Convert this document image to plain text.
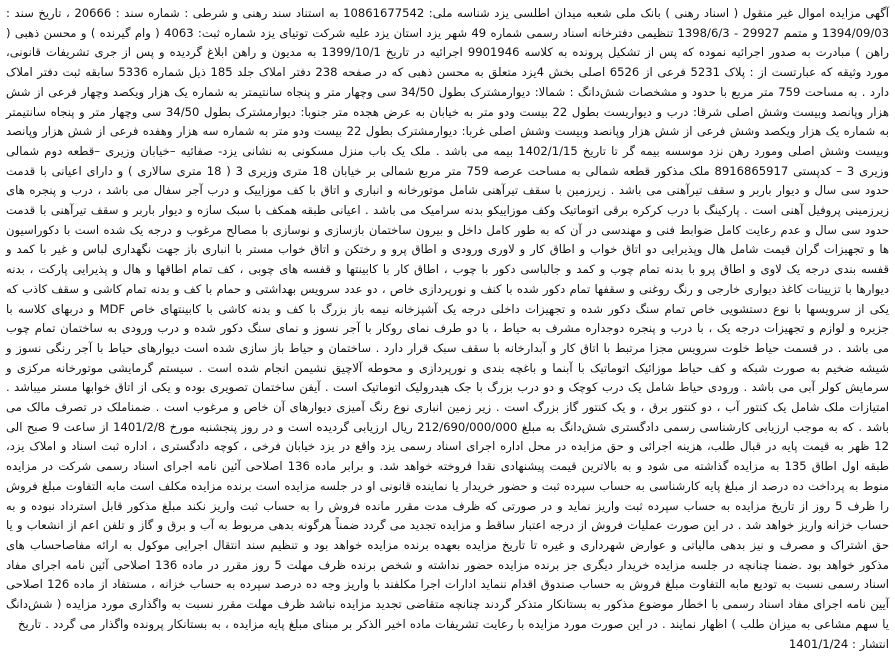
آگهی مزایده اموال غیر منقول ( اسناد رهنی ) بانک ملی شعبه میدان اطلسی یزد شناسه ملی: 10861677542 به استناد سند رهنی و شرطی : شماره سند : 20666 ، تاریخ سند : 1394/09/03 و متمم 29927 - 1398/6/3 تنظیمی دفترخانه اسناد رسمی شماره 49 شهر یزد استان یزد علیه شرکت توتیای یزد شماره ثبت: 4063 ( وام گیرنده ) و محسن ذهبی ( راهن ) مبادرت به صدور اجرائیه نموده که پس از تشکیل پرونده به کلاسه 9901946 اجرائیه در تاریخ 1399/10/1 به مدیون و راهن ابلاغ گردیده و پس از جری تشریفات قانونی، مورد وثیقه که عبارتست از : پلاک 5231 فرعی از 6526 اصلی بخش 4یزد متعلق به محسن ذهبی که در صفحه 238 دفتر املاک جلد 185 ذیل شماره 5336 سابقه ثبت دفتر املاک دارد . به مساحت 759 متر مربع با حدود و مشخصات شش‌دانگ : شمالا: دیوارمشترک بطول 34/50 سی وچهار متر و پنجاه سانتیمتر به شماره یک هزار ویکصد وچهار فرعی از شش هزار وپانصد وبیست وشش اصلی شرقا: درب و دیواریست بطول 22 بیست ودو متر به خیابان به عرض هجده متر جنوبا: دیوارمشترک بطول 34/50 سی وچهار متر و پنجاه سانتیمتر به شماره یک هزار ویکصد وشش فرعی از شش هزار وپانصد وبیست وشش اصلی غربا: دیوارمشترک بطول 22 بیست ودو متر به شماره سه هزار وهفده فرعی از شش هزار وپانصد وبیست وشش اصلی ومورد رهن نزد موسسه بیمه گر تا تاریخ 1402/1/15 بیمه می باشد . ملک یک باب منزل مسکونی به نشانی یزد- صفائیه –خیابان وزیری –قطعه دوم شمالی وزیری 3 – کدپستی 8916865917 ملک مذکور قطعه شمالی به مساحت عرصه 759 متر مربع شمالی بر خیابان 18 متری وزیری 3 ( 18 متری سالاری ) و دارای اعیانی با قدمت حدود سی سال و دیوار باربر و سقف تیرآهنی می باشد . زیرزمین با سقف تیرآهنی شامل موتورخانه و انباری و اتاق با کف موزاییک و درب آجر سفال می باشد ، درب و پنجره های زیرزمینی پروفیل آهنی است . پارکینگ با درب کرکره برقی اتوماتیک وکف موزاییکو بدنه سرامیک می باشد . اعیانی طبقه همکف با سبک سازه و دیوار باربر و سقف تیرآهنی با قدمت حدود سی سال و عدم رعایت کامل ضوابط فنی و مهندسی در آن که به طور کامل داخل و بیرون ساختمان بازسازی و نوسازی با مصالح مرغوب و درجه یک شده است با دکوراسیون ها و تجهیزات گران قیمت شامل هال وپذیرایی دو اتاق خواب و اطاق کار و لاوری ورودی و اطاق پرو و رختکن و اتاق خواب مستر با انباری باز جهت نگهداری لباس و غیر با کمد و قفسه بندی درجه یک لاوی و اطاق پرو با بدنه تمام چوب و کمد و جالباسی دکور با چوب ، اطاق کار با کابینتها و قفسه های چوبی ، کف تمام اطاقها و هال و پذیرایی پارکت ، بدنه دیوارها با تزیینات کاغذ دیواری خارجی و رنگ روغنی و سقفها تمام دکور شده با کنف و نورپردازی خاص ، دو عدد سرویس بهداشتی و حمام با کف و بدنه تمام کاشی و سقف کاذب که یکی از سرویسها با نوع دستشویی خاص تمام سنگ دکور شده و تجهیزات داخلی درجه یک آشپزخانه نیمه باز بزرگ با کف و بدنه کاشی با کابینتهای خاص MDF و دربهای کلاسه با جزیره و لوازم و تجهیزات درجه یک ، با درب و پنجره دوجداره مشرف به حیاط ، با دو طرف نمای رو‌کار با آجر نسوز و نمای سنگ دکور شده و درب ورودی به ساختمان تمام چوب می باشد . در قسمت حیاط خلوت سرویس مجزا مرتبط با اتاق کار و آبدارخانه با سقف سبک قرار دارد . ساختمان و حیاط باز سازی شده است دیوارهای حیاط با آجر رنگی نسوز و شیشه ضخیم به صورت شبکه و کف حیاط موزائیک اتوماتیک با آبنما و باغچه بندی و نورپردازی و محوطه آلاچیق نشیمن انجام شده است . سیستم گرمایشی موتورخانه مرکزی و سرمایش کولر آبی می باشد . ورودی حیاط شامل یک درب کوچک و دو درب بزرگ با جک هیدرولیک اتوماتیک است . آیفن ساختمان تصویری بوده و یکی از اتاق خوابها مستر میباشد . امتیازات ملک شامل یک کنتور آب ، دو کنتور برق ، و یک کنتور گاز بزرگ است . زیر زمین انباری نوع رنگ آمیزی دیوارهای آن خاص و مرغوب است . ضمناملک در تصرف مالک می باشد . که به موجب ارزیابی کارشناسی رسمی دادگستری شش‌دانگ به مبلغ 212/690/000/000 ریال ارزیابی گردیده است و در روز پنجشنبه مورخ 1401/2/8 از ساعت 9 صبح الی 12 ظهر به قیمت پایه در قبال طلب، هزینه اجرائی و حق مزایده در محل اداره اجرای اسناد رسمی یزد واقع در یزد خیابان فرخی ، کوچه دادگستری ، اداره ثبت اسناد و املاک یزد، طبقه اول اطاق 135 به مزایده گذاشته می شود و به بالاترین قیمت پیشنهادی نقدا فروخته خواهد شد. و برابر ماده 136 اصلاحی آئین نامه اجرای اسناد رسمی شرکت در مزایده منوط به پرداخت ده درصد از مبلغ پایه کارشناسی به حساب سپرده ثبت و حضور خریدار یا نماینده قانونی او در جلسه مزایده است برنده مزایده مکلف است مابه التفاوت مبلغ فروش را ظرف 5 روز از تاریخ مزایده به حساب سپرده ثبت واریز نماید و در صورتی که ظرف مدت مقرر مانده فروش را به حساب ثبت واریز نکند مبلغ مذکور قابل استرداد نبوده و به حساب خزانه واریز خواهد شد . در این صورت عملیات فروش از درجه اعتبار ساقط و مزایده تجدید می گردد ضمناً هرگونه بدهی مربوط به آب و برق و گاز و تلفن اعم از انشعاب و یا حق اشتراک و مصرف و نیز بدهی مالیاتی و عوارض شهرداری و غیره تا تاریخ مزایده بعهده برنده مزایده خواهد بود و تنظیم سند انتقال اجرایی موکول به ارائه مفاصاحساب های مذکور خواهد بود .ضمنا چنانچه در جلسه مزایده خریدار دیگری جز برنده مزایده حضور نداشته و شخص برنده ظرف مهلت 5 روز مقرر در ماده 136 اصلاحی آئین نامه اجرای مفاد اسناد رسمی نسبت به تودیع مابه التفاوت مبلغ فروش به حساب صندوق اقدام ننماید ادارات اجرا مکلفند با واریز وجه ده درصد سپرده به حساب خزانه ، مستفاد از ماده 126 اصلاحی آیین نامه اجرای مفاد اسناد رسمی با اخطار موضوع مذکور به بستانکار متذکر گردند چنانچه متقاضی تجدید مزایده نباشد ظرف مهلت مقرر نسبت به واگذاری مورد مزایده ( شش‌دانگ یا سهم مشاعی به میزان طلب ) اظهار نمایند . در این صورت مورد مزایده با رعایت تشریفات ماده اخیر الذکر بر مبنای مبلغ پایه مزایده ، به بستانکار پرونده واگذار می گردد . تاریخ

انتشار : 1401/1/24
